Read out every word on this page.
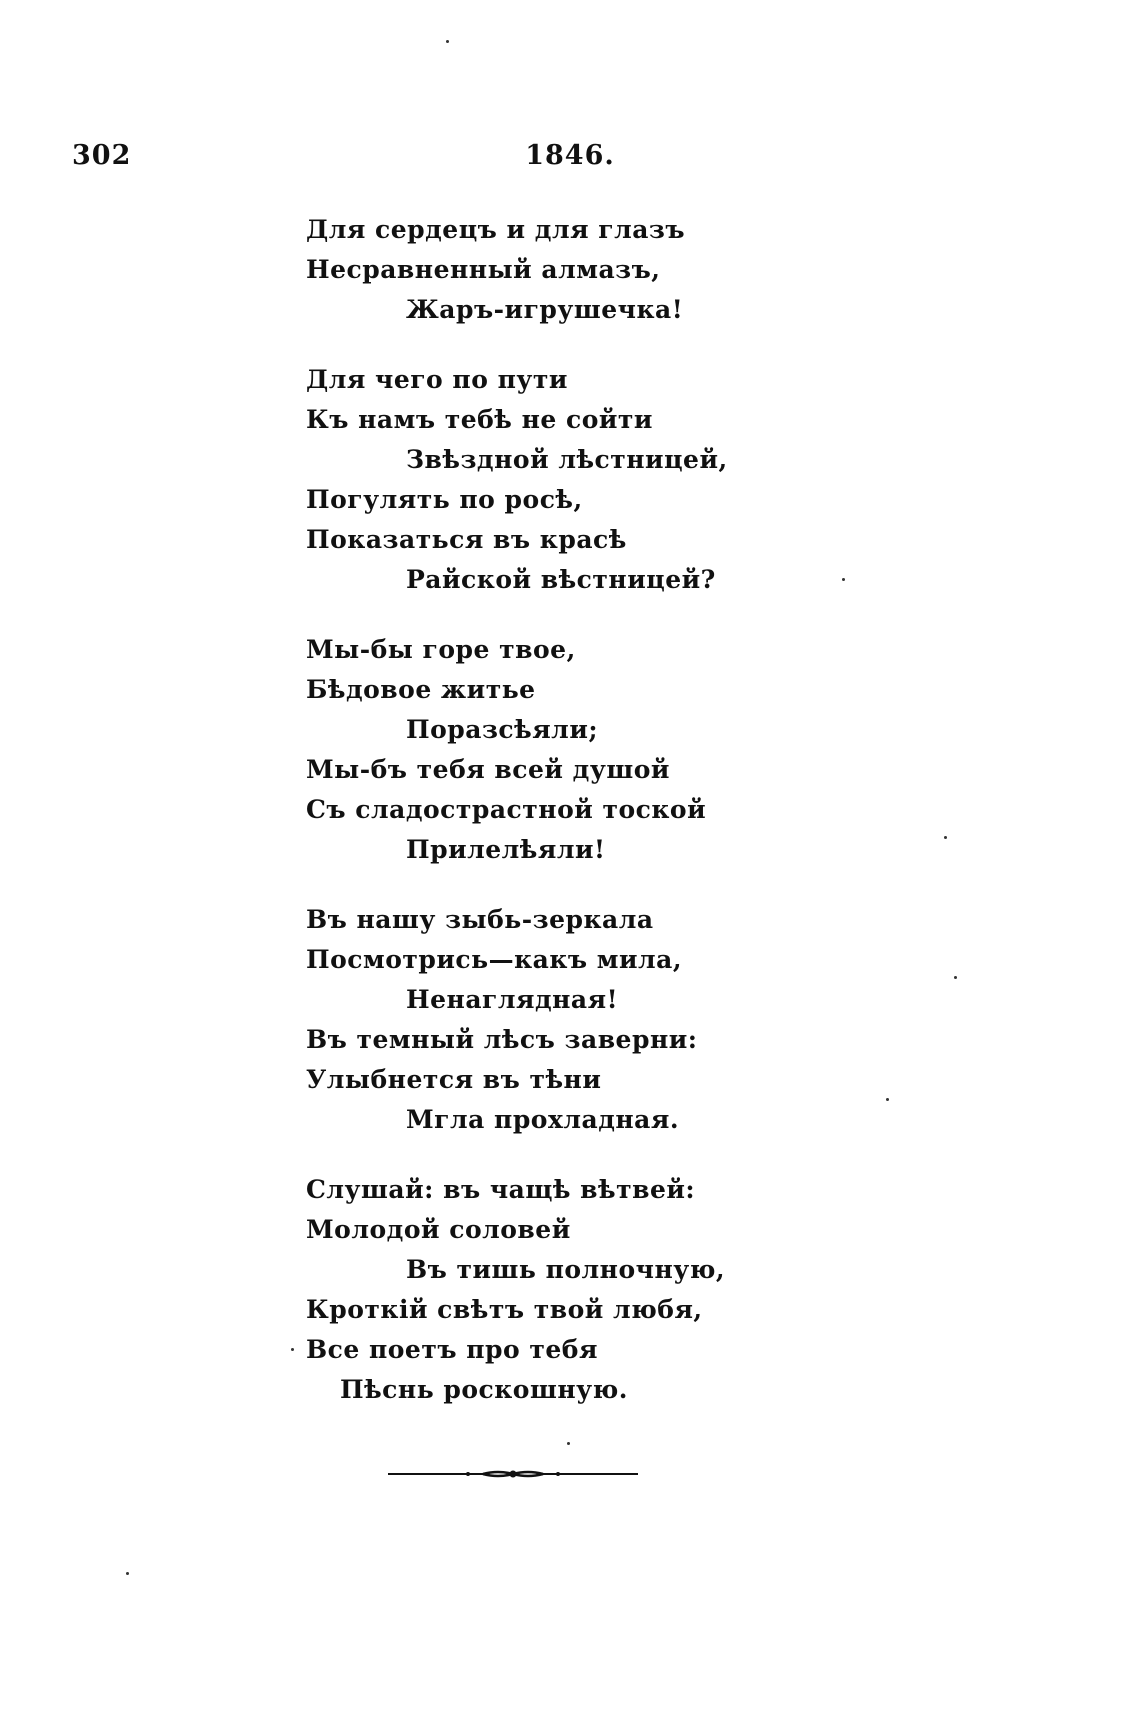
302	1846.
Для сердецъ и для глазъ
Несравненный алмазъ,
Жаръ-игрушечка!
Для чего по пути
Къ намъ тебѣ не сойти
Звѣздной лѣстницей,
Погулять по росѣ,
Показаться въ красѣ
Райской вѣстницей?
Мы-бы горе твое,
Бѣдовое житье
Поразсѣяли;
Мы-бъ тебя всей душой
Съ сладострастной тоской
Прилелѣяли!
Въ нашу зыбь-зеркала
Посмотрись—какъ мила,
Ненаглядная!
Въ темный лѣсъ заверни:
Улыбнется въ тѣни
Мгла прохладная.
Слушай: въ чащѣ вѣтвей:
Молодой соловей
Въ тишь полночную,
Кроткій свѣтъ твой любя,
Все поетъ про тебя
Пѣснь роскошную.
